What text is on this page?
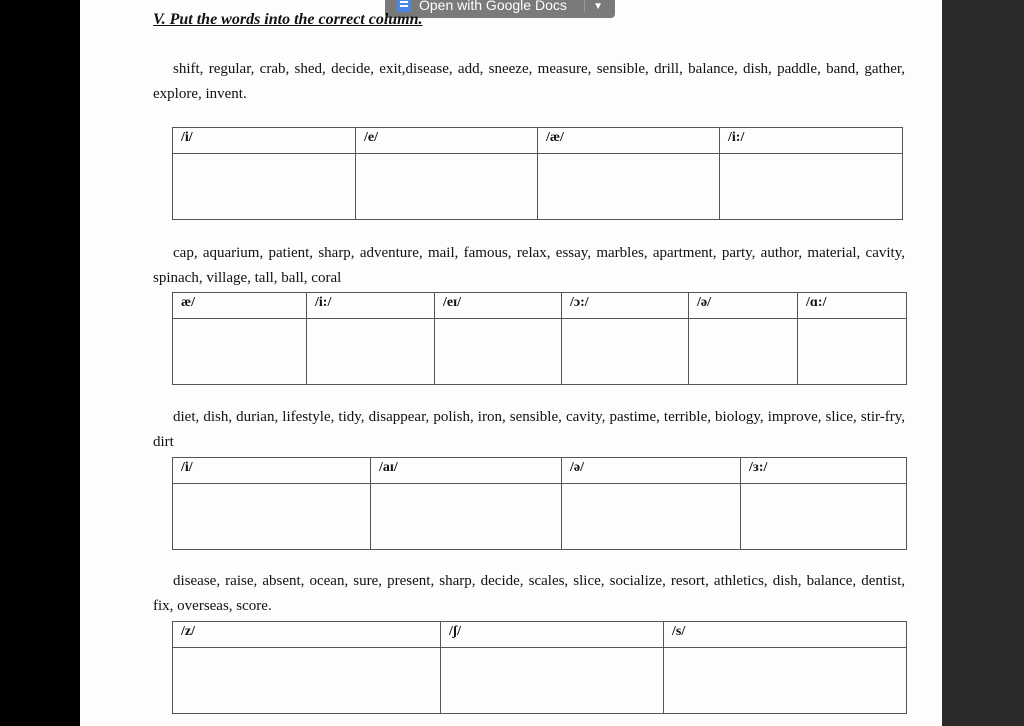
Open with Google Docs	▼
V. Put the words into the correct column.
shift, regular, crab, shed, decide, exit,disease, add, sneeze, measure, sensible, drill, balance, dish, paddle, band, gather, explore, invent.
/i/	/e/	/æ/	/i:/

cap, aquarium, patient, sharp, adventure, mail, famous, relax, essay, marbles, apartment, party, author, material, cavity, spinach, village, tall, ball, coral
æ/	/i:/	/eɪ/	/ɔ:/	/ə/	/ɑ:/

diet, dish, durian, lifestyle, tidy, disappear, polish, iron, sensible, cavity, pastime, terrible, biology, improve, slice, stir-fry, dirt
/i/	/aɪ/	/ə/	/ɜ:/

disease, raise, absent, ocean, sure, present, sharp, decide, scales, slice, socialize, resort, athletics, dish, balance, dentist, fix, overseas, score.
/z/	/ʃ/	/s/
